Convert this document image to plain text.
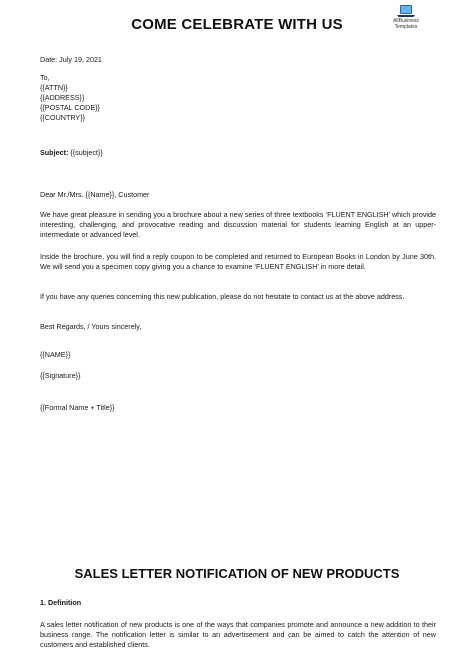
COME CELEBRATE WITH US	AllBusiness
Templates
Date: July 19, 2021

To,

{{ATTN}}

{{ADDRESS}}

{{POSTAL CODE}}

{{COUNTRY}}

Subject: {{subject}}
Dear Mr./Mrs. {{Name}}, Customer
We have great pleasure in sending you a brochure about a new series of three textbooks ‘FLUENT ENGLISH’ which provide interesting, challenging, and provocative reading and discussion material for students learning English at an upper-intermediate or advanced level.
Inside the brochure, you will find a reply coupon to be completed and returned to European Books in London by June 30th. We will send you a specimen copy giving you a chance to examine ‘FLUENT ENGLISH’ in more detail.
If you have any queries concerning this new publication, please do not hesitate to contact us at the above address.
Best Regards, / Yours sincerely,
{{NAME}}
{{Signature}}
{{Formal Name + Title}}
SALES LETTER NOTIFICATION OF NEW PRODUCTS
1. Definition
A sales letter notification of new products is one of the ways that companies promote and announce a new addition to their business range. The notification letter is similar to an advertisement and can be aimed to catch the attention of new customers and established clients.
